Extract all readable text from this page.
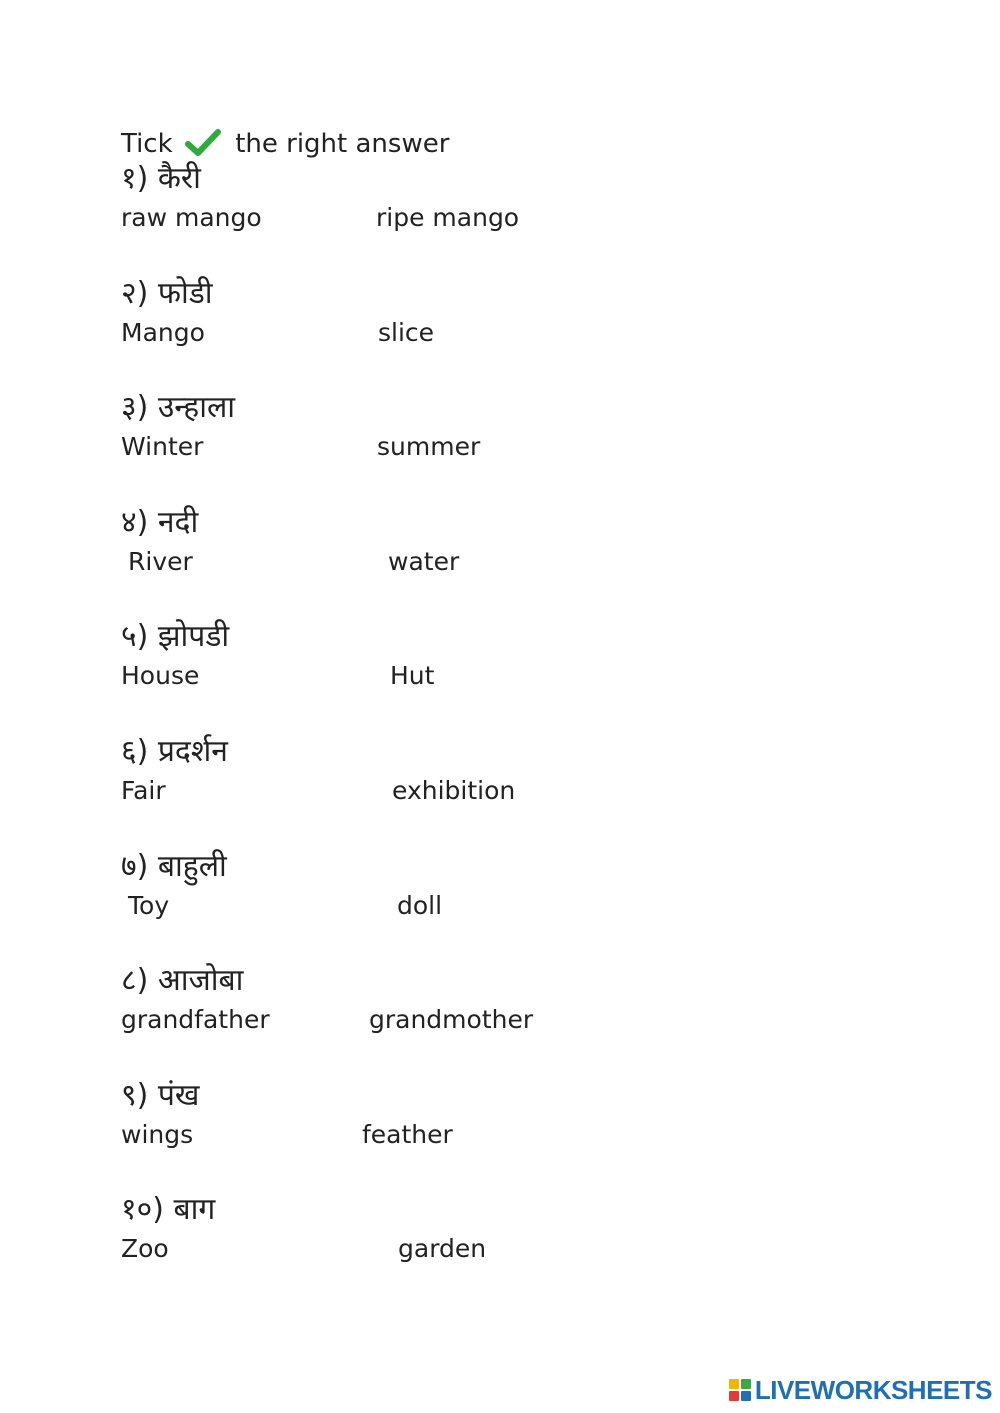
Tick the right answer
१) कैरी
raw mango	ripe mango
२) फोडी
Mango	slice
३) उन्हाला
Winter	summer
४) नदी
River	water
५) झोपडी
House	Hut
६) प्रदर्शन
Fair	exhibition
७) बाहुली
Toy	doll
८) आजोबा
grandfather	grandmother
९) पंख
wings	feather
१०) बाग
Zoo	garden
LIVEWORKSHEETS
